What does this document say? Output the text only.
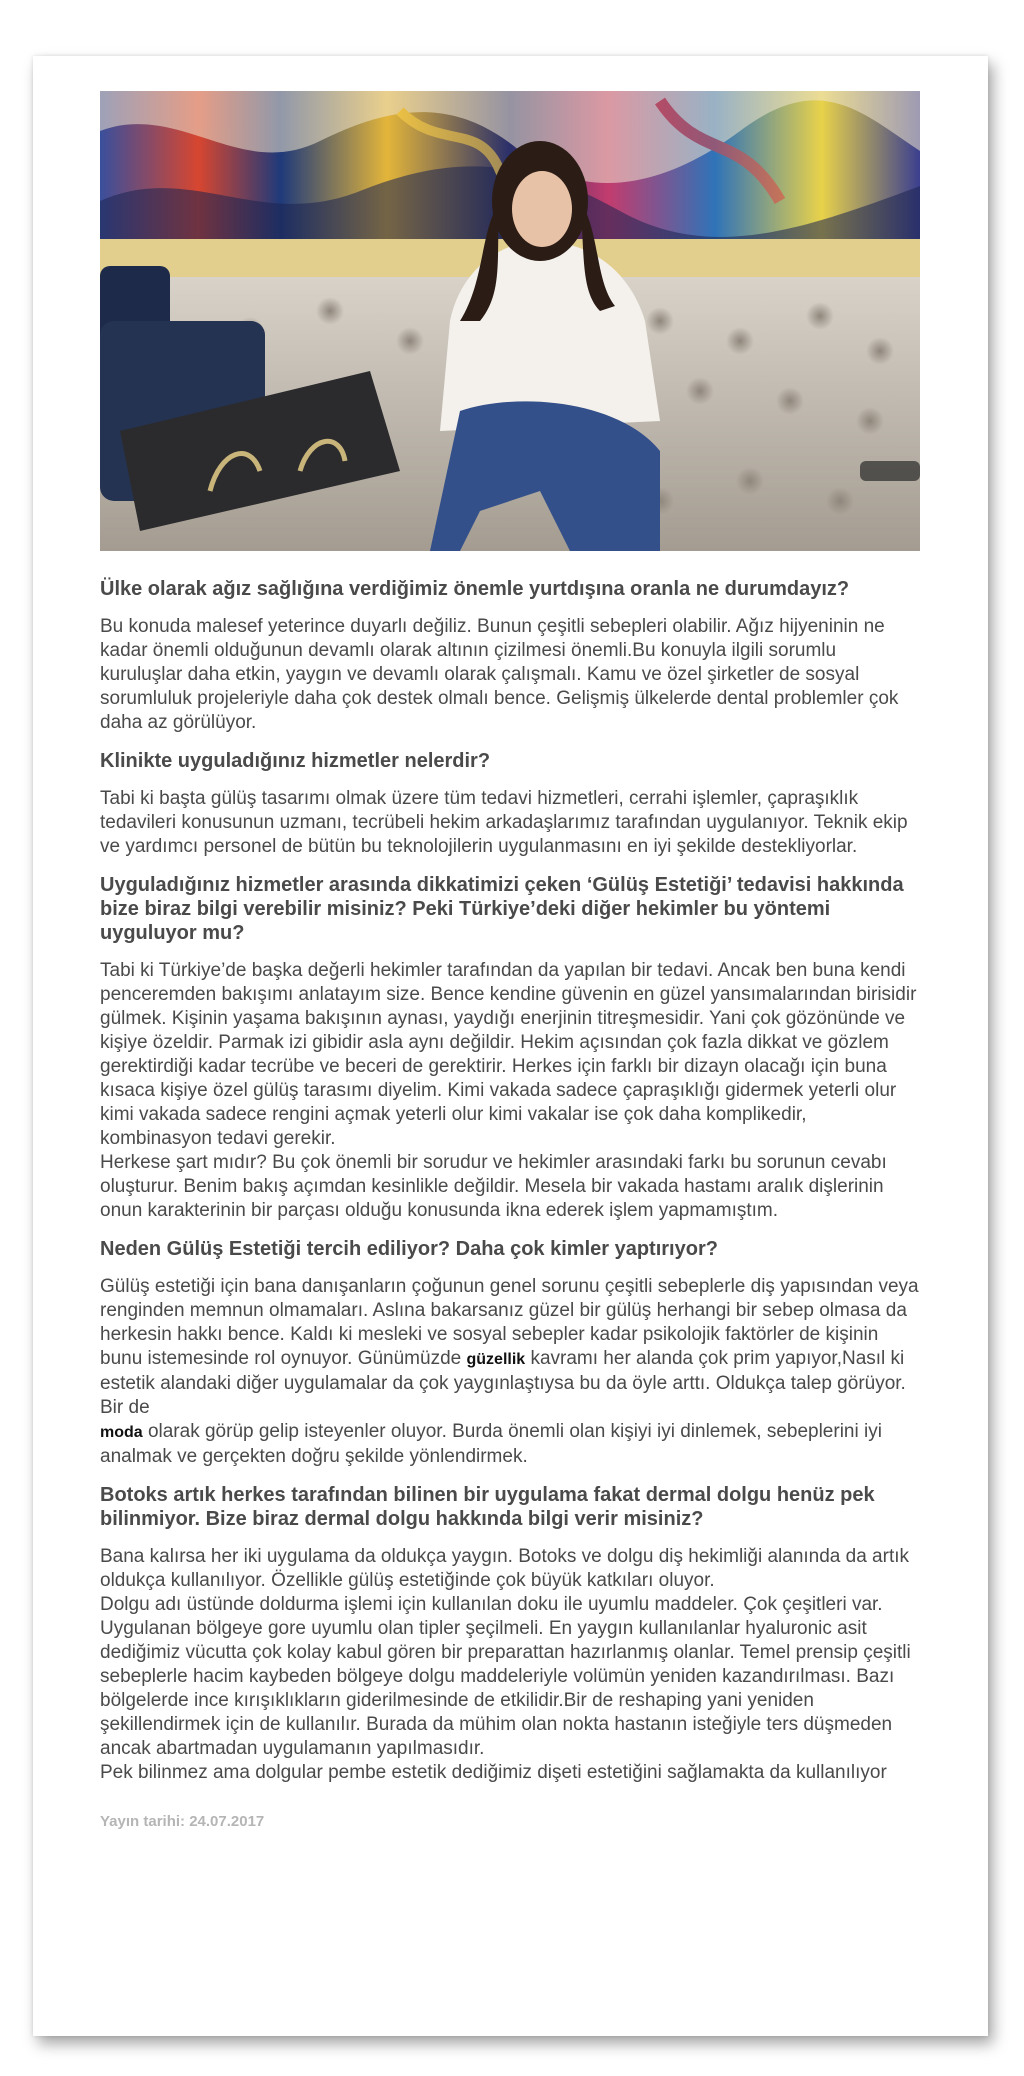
Ülke olarak ağız sağlığına verdiğimiz önemle yurtdışına oranla ne durumdayız?

Bu konuda malesef yeterince duyarlı değiliz. Bunun çeşitli sebepleri olabilir. Ağız hijyeninin ne kadar önemli olduğunun devamlı olarak altının çizilmesi önemli.Bu konuyla ilgili sorumlu kuruluşlar daha etkin, yaygın ve devamlı olarak çalışmalı. Kamu ve özel şirketler de sosyal sorumluluk projeleriyle daha çok destek olmalı bence. Gelişmiş ülkelerde dental problemler çok daha az görülüyor.

Klinikte uyguladığınız hizmetler nelerdir?

Tabi ki başta gülüş tasarımı olmak üzere tüm tedavi hizmetleri, cerrahi işlemler, çapraşıklık tedavileri konusunun uzmanı, tecrübeli hekim arkadaşlarımız tarafından uygulanıyor. Teknik ekip ve yardımcı personel de bütün bu teknolojilerin uygulanmasını en iyi şekilde destekliyorlar.

Uyguladığınız hizmetler arasında dikkatimizi çeken ‘Gülüş Estetiği’ tedavisi hakkında bize biraz bilgi verebilir misiniz? Peki Türkiye’deki diğer hekimler bu yöntemi uyguluyor mu?

Tabi ki Türkiye’de başka değerli hekimler tarafından da yapılan bir tedavi. Ancak ben buna kendi penceremden bakışımı anlatayım size. Bence kendine güvenin en güzel yansımalarından birisidir gülmek. Kişinin yaşama bakışının aynası, yaydığı enerjinin titreşmesidir. Yani çok gözönünde ve kişiye özeldir. Parmak izi gibidir asla aynı değildir. Hekim açısından çok fazla dikkat ve gözlem gerektirdiği kadar tecrübe ve beceri de gerektirir. Herkes için farklı bir dizayn olacağı için buna kısaca kişiye özel gülüş tarasımı diyelim. Kimi vakada sadece çapraşıklığı gidermek yeterli olur kimi vakada sadece rengini açmak yeterli olur kimi vakalar ise çok daha komplikedir, kombinasyon tedavi gerekir.

Herkese şart mıdır? Bu çok önemli bir sorudur ve hekimler arasındaki farkı bu sorunun cevabı oluşturur. Benim bakış açımdan kesinlikle değildir. Mesela bir vakada hastamı aralık dişlerinin onun karakterinin bir parçası olduğu konusunda ikna ederek işlem yapmamıştım.

Neden Gülüş Estetiği tercih ediliyor? Daha çok kimler yaptırıyor?

Gülüş estetiği için bana danışanların çoğunun genel sorunu çeşitli sebeplerle diş yapısından veya renginden memnun olmamaları. Aslına bakarsanız güzel bir gülüş herhangi bir sebep olmasa da herkesin hakkı bence. Kaldı ki mesleki ve sosyal sebepler kadar psikolojik faktörler de kişinin bunu istemesinde rol oynuyor. Günümüzde güzellik kavramı her alanda çok prim yapıyor,Nasıl ki estetik alandaki diğer uygulamalar da çok yaygınlaştıysa bu da öyle arttı. Oldukça talep görüyor. Bir de
moda olarak görüp gelip isteyenler oluyor. Burda önemli olan kişiyi iyi dinlemek, sebeplerini iyi analmak ve gerçekten doğru şekilde yönlendirmek.

Botoks artık herkes tarafından bilinen bir uygulama fakat dermal dolgu henüz pek bilinmiyor. Bize biraz dermal dolgu hakkında bilgi verir misiniz?

Bana kalırsa her iki uygulama da oldukça yaygın. Botoks ve dolgu diş hekimliği alanında da artık oldukça kullanılıyor. Özellikle gülüş estetiğinde çok büyük katkıları oluyor.

Dolgu adı üstünde doldurma işlemi için kullanılan doku ile uyumlu maddeler. Çok çeşitleri var. Uygulanan bölgeye gore uyumlu olan tipler şeçilmeli. En yaygın kullanılanlar hyaluronic asit dediğimiz vücutta çok kolay kabul gören bir preparattan hazırlanmış olanlar. Temel prensip çeşitli sebeplerle hacim kaybeden bölgeye dolgu maddeleriyle volümün yeniden kazandırılması. Bazı bölgelerde ince kırışıklıkların giderilmesinde de etkilidir.Bir de reshaping yani yeniden şekillendirmek için de kullanılır. Burada da mühim olan nokta hastanın isteğiyle ters düşmeden ancak abartmadan uygulamanın yapılmasıdır.

Pek bilinmez ama dolgular pembe estetik dediğimiz dişeti estetiğini sağlamakta da kullanılıyor

Yayın tarihi: 24.07.2017
